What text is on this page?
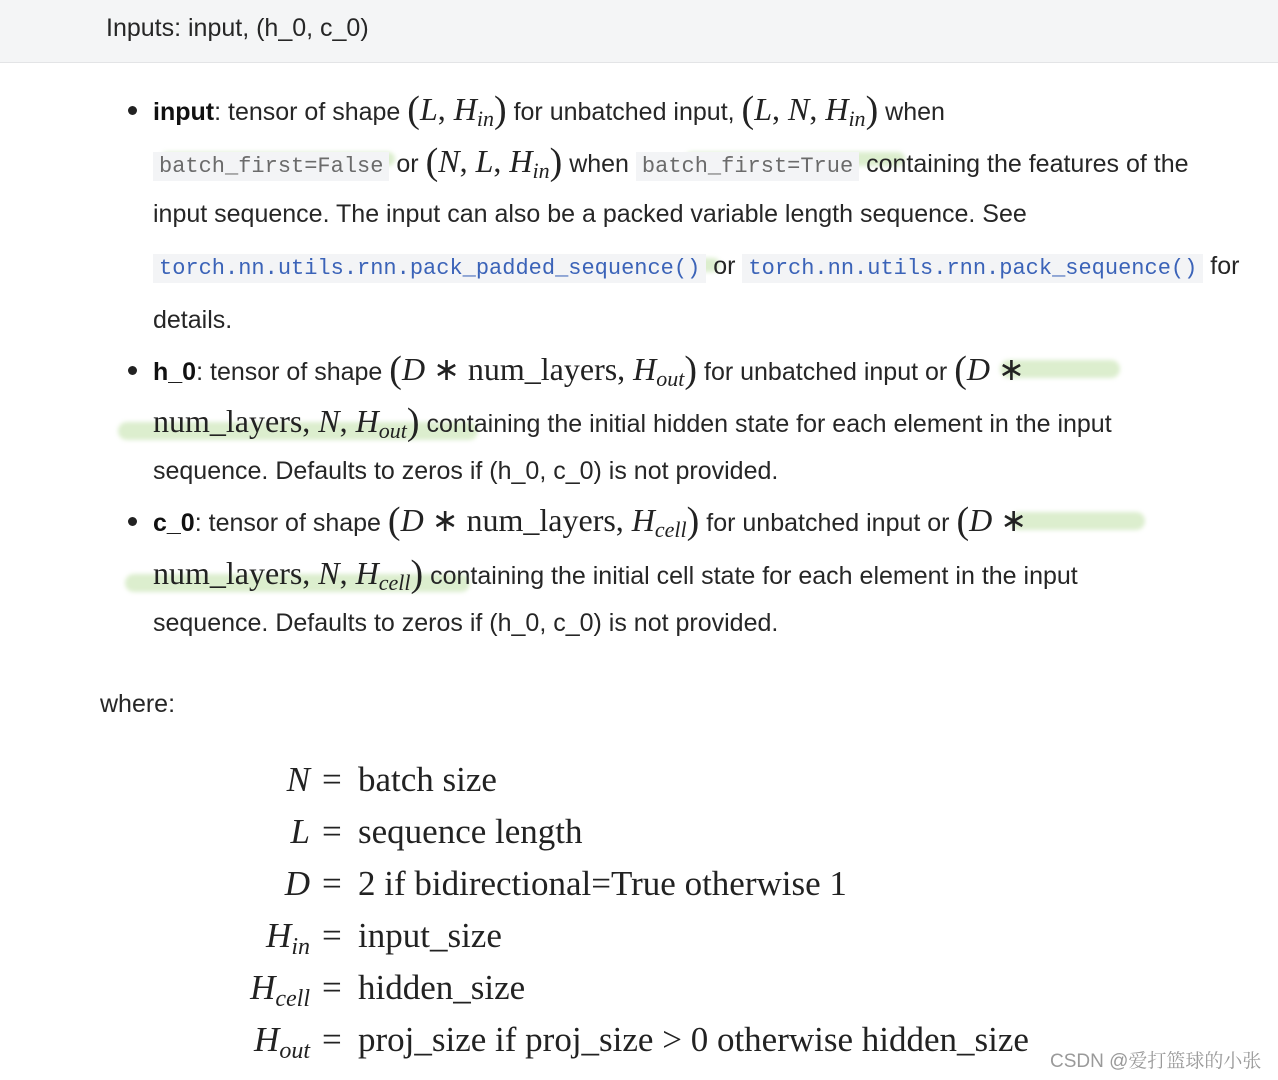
Inputs: input, (h_0, c_0)
input: tensor of shape (L, $H_{in}$) for unbatched input, (L, N, $H_{in}$) when
batch_first=False or (N, L, $H_{in}$) when batch_first=True containing the features of the
input sequence. The input can also be a packed variable length sequence. See
torch.nn.utils.rnn.pack_padded_sequence() or torch.nn.utils.rnn.pack_sequence() for
details.
h_0: tensor of shape (D ∗ num_layers, $H_{out}$) for unbatched input or (D ∗
num_layers, N, $H_{out}$) containing the initial hidden state for each element in the input
sequence. Defaults to zeros if (h_0, c_0) is not provided.
c_0: tensor of shape (D ∗ num_layers, $H_{cell}$) for unbatched input or (D ∗
num_layers, N, $H_{cell}$) containing the initial cell state for each element in the input
sequence. Defaults to zeros if (h_0, c_0) is not provided.
where:
N = batch size
L = sequence length
D = 2 if bidirectional=True otherwise 1
$H_{in}$ = input_size
$H_{cell}$ = hidden_size
$H_{out}$ = proj_size if proj_size > 0 otherwise hidden_size
CSDN @爱打篮球的小张
